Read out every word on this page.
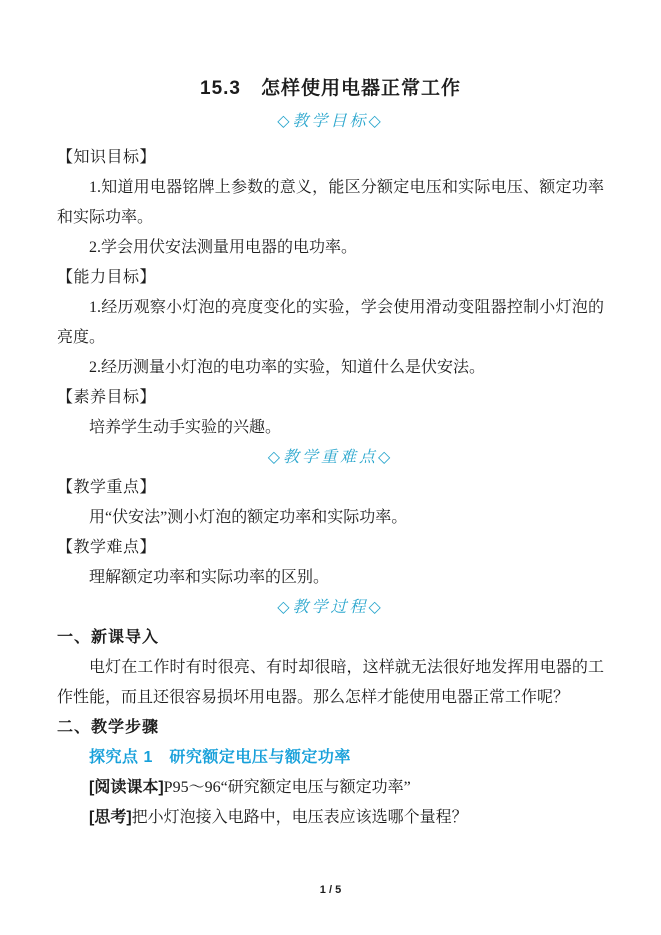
15.3　怎样使用电器正常工作
◇教学目标◇

【知识目标】

1.知道用电器铭牌上参数的意义，能区分额定电压和实际电压、额定功率和实际功率。

2.学会用伏安法测量用电器的电功率。

【能力目标】

1.经历观察小灯泡的亮度变化的实验，学会使用滑动变阻器控制小灯泡的亮度。

2.经历测量小灯泡的电功率的实验，知道什么是伏安法。

【素养目标】

培养学生动手实验的兴趣。

◇教学重难点◇

【教学重点】

用“伏安法”测小灯泡的额定功率和实际功率。

【教学难点】

理解额定功率和实际功率的区别。

◇教学过程◇

一、新课导入

电灯在工作时有时很亮、有时却很暗，这样就无法很好地发挥用电器的工作性能，而且还很容易损坏用电器。那么怎样才能使用电器正常工作呢？

二、教学步骤

探究点 1　研究额定电压与额定功率

[阅读课本]P95～96“研究额定电压与额定功率”

[思考]把小灯泡接入电路中，电压表应该选哪个量程？

1 / 5
